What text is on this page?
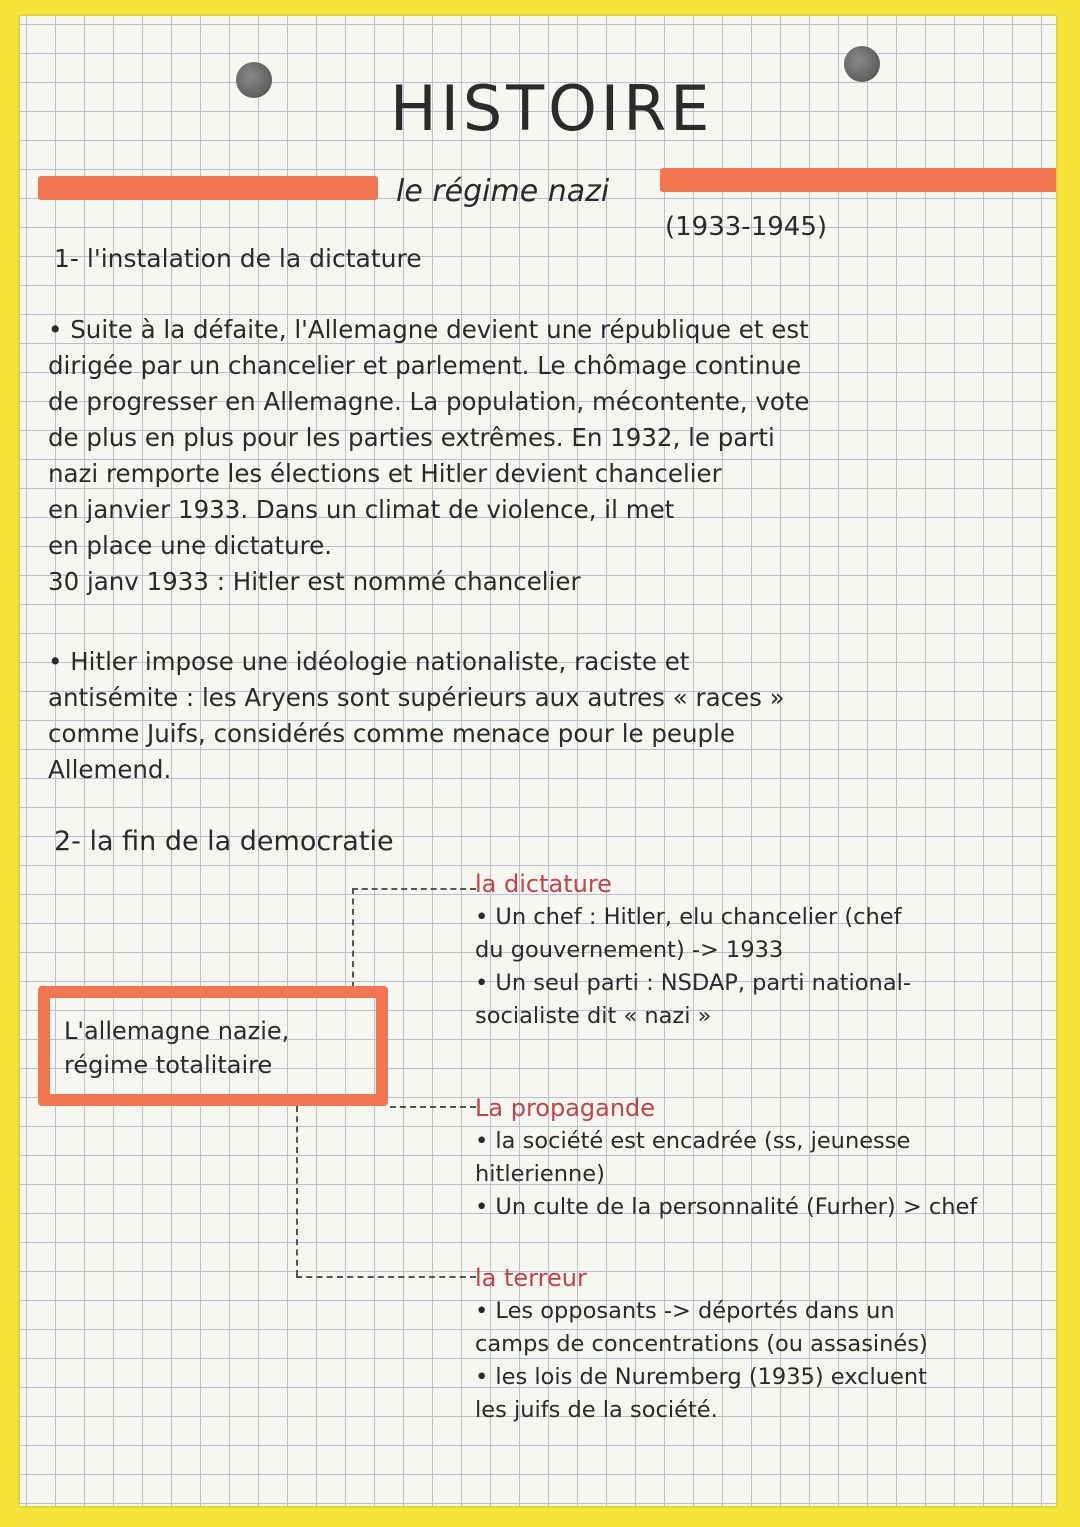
HISTOIRE
le régime nazi
(1933-1945)
1- l'instalation de la dictature
• Suite à la défaite, l'Allemagne devient une république et est
dirigée par un chancelier et parlement. Le chômage continue
de progresser en Allemagne. La population, mécontente, vote
de plus en plus pour les parties extrêmes. En 1932, le parti
nazi remporte les élections et Hitler devient chancelier
en janvier 1933. Dans un climat de violence, il met
en place une dictature.
30 janv 1933 : Hitler est nommé chancelier
• Hitler impose une idéologie nationaliste, raciste et
antisémite : les Aryens sont supérieurs aux autres « races »
comme Juifs, considérés comme menace pour le peuple
Allemend.
2- la fin de la democratie
L'allemagne nazie,
régime totalitaire
la dictature
• Un chef : Hitler, elu chancelier (chef
du gouvernement) -> 1933
• Un seul parti : NSDAP, parti national-
socialiste dit « nazi »
La propagande
• la société est encadrée (ss, jeunesse
hitlerienne)
• Un culte de la personnalité (Furher) > chef
la terreur
• Les opposants -> déportés dans un
camps de concentrations (ou assasinés)
• les lois de Nuremberg (1935) excluent
les juifs de la société.
